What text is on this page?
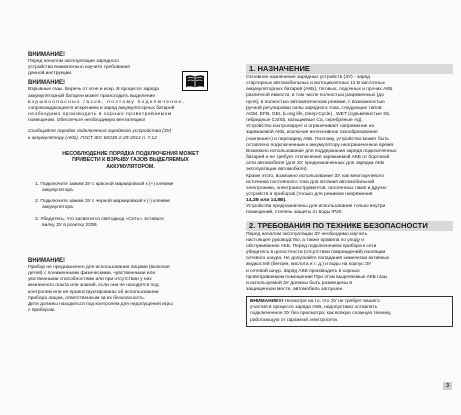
ВНИМАНИЕ!

Перед началом эксплуатации зарядного

устройства внимательно изучите требования

данной инструкции.

ВНИМАНИЕ!

Взрывные газы. Беречь от огня и искр. В процессе заряда

аккумуляторной батареи может происходить выделение

взрывоопасных газов, поэтому подключение,

сопровождающееся искрением и заряд аккумуляторных батарей

необходимо производить в хорошо проветриваемом

помещении. Обеспечьте необходимую вентиляцию!

Сообщайте порядок подключения зарядного устройства (ЗУ)

к аккумулятору (АКБ). ГОСТ IEC 60335-2-29-2012 п. 7.12

НЕСОБЛЮДЕНИЕ ПОРЯДКА ПОДКЛЮЧЕНИЯ МОЖЕТ
ПРИВЕСТИ К ВЗРЫВУ ГАЗОВ ВЫДЕЛЯЕМЫХ
АККУМУЛЯТОРОМ.

1. Подключите зажим ЗУ с красной маркировкой к (+) клемме

аккумулятора.

2. Подключите зажим ЗУ с черной маркировкой к (-) клемме

аккумулятора.

3. Убедитесь, что засветится светодиод «Сеть», вставьте

вилку ЗУ в розетку 220В.

ВНИМАНИЕ!

Прибор не предназначен для использования лицами (включая

детей) с пониженными физическими, чувственными или

умственными способностями или при отсутствии у них

жизненного опыта или знаний, если они не находятся под

контролем или не проинструктированы об использовании

прибора лицом, ответственным за их безопасность.

Дети должны находиться под контролем для недопущения игры

с прибором.

1. НАЗНАЧЕНИЕ

Основное назначение зарядных устройств (ЗУ) - заряд

стартерных автомобильных и мотоциклетных 12 В кислотных

аккумуляторных батарей (АКБ), тяговых, лодочных и прочих АКБ

различной емкости, в том числе полностью разряженных (до

нуля), в полностью автоматическом режиме, с возможностью

ручной регулировки силы зарядного тока, следующих типов:

AGM, EFB, GEL (Long life, Deep-Cycle) , WET (сурьмянистые Sb,

гибридные Ca/Sb, кальциевые Ca, серебряные Ag).

Устройство контролирует и ограничивает напряжение на

заряжаемой АКБ, исключая интенсивное газообразование

(«кипение») и перезаряд АКБ. Поэтому, устройство может быть

оставлено подключенным к аккумулятору неограниченное время.

Возможно использование для поддержания заряда подключенных

батарей и не требует отключения заряжаемой АКБ от бортовой

сети автомобиля (для ЗУ, предназначенных для зарядки АКБ

эксплуатации автомобиля).

Кроме этого, возможно использование ЗУ, как многоцелевого

источника постоянного тока для питания автомобильной

электроники, электроинструментов, галогенных ламп и других

устройств и приборов (только для режимов напряжения

14,2В или 14,8В).

Устройства предназначены для использования только внутри

помещений, степень защиты от воды IP20.

2. ТРЕБОВАНИЯ ПО ТЕХНИКЕ БЕЗОПАСНОСТИ

Перед началом эксплуатации ЗУ необходимо изучить

настоящее руководство, а также правила по уходу и

обслуживанию АКБ. Перед подключением прибора к сети

убедитесь в целостности (отсутствии повреждений) изоляции

сетевого шнура. Не допускайте попадания химически активных

жидкостей (бензин, кислота и т. д.) и воды на корпус ЗУ

и сетевой шнур. Заряд АКБ производить в хорошо

проветриваемом помещении! При этом выделяемые АКБ газы

и используемой ЗУ должны быть размещены в

защищенном месте, автомобиль заглушен.

ВНИМАНИЕ!!! Несмотря на то, что ЗУ не требует вашего

участия в процессе заряда АКБ, недопустимо оставлять

подключенное ЗУ без присмотра, как всякую сложную технику,

работающую от гаражной электросети.

3
